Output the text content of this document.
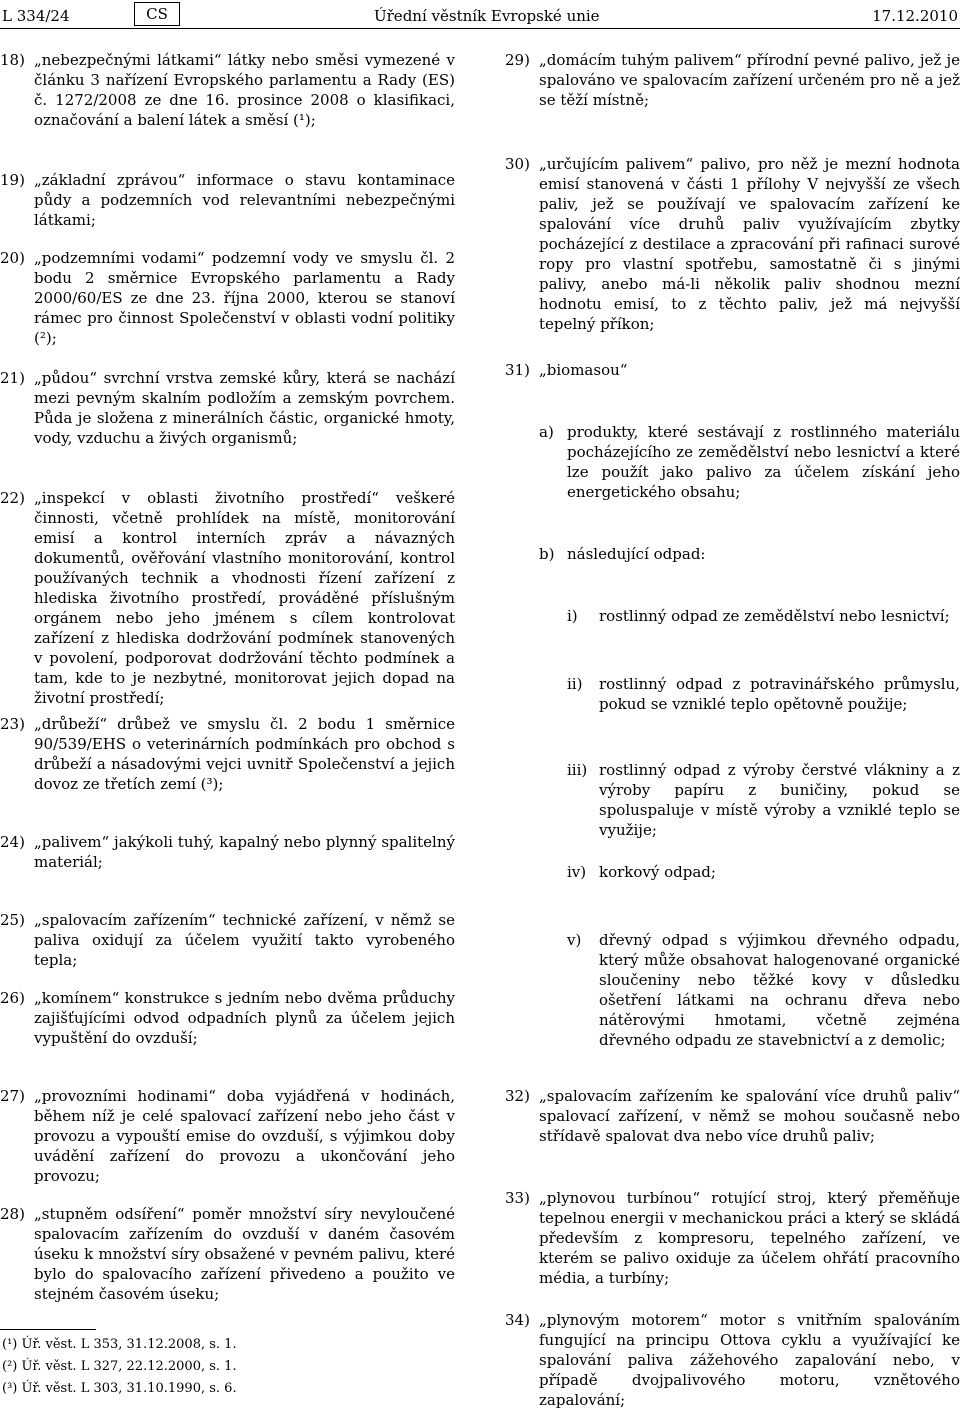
L 334/24	CS	Úřední věstník Evropské unie	17.12.2010
18) „nebezpečnými látkami“ látky nebo směsi vymezené v článku 3 nařízení Evropského parlamentu a Rady (ES) č. 1272/2008 ze dne 16. prosince 2008 o klasifikaci, označování a balení látek a směsí (¹);
19) „základní zprávou“ informace o stavu kontaminace půdy a podzemních vod relevantními nebezpečnými látkami;
20) „podzemními vodami“ podzemní vody ve smyslu čl. 2 bodu 2 směrnice Evropského parlamentu a Rady 2000/60/ES ze dne 23. října 2000, kterou se stanoví rámec pro činnost Společenství v oblasti vodní politiky (²);
21) „půdou“ svrchní vrstva zemské kůry, která se nachází mezi pevným skalním podložím a zemským povrchem. Půda je složena z minerálních částic, organické hmoty, vody, vzduchu a živých organismů;
22) „inspekcí v oblasti životního prostředí“ veškeré činnosti, včetně prohlídek na místě, monitorování emisí a kontrol interních zpráv a návazných dokumentů, ověřování vlastního monitorování, kontrol používaných technik a vhodnosti řízení zařízení z hlediska životního prostředí, prováděné příslušným orgánem nebo jeho jménem s cílem kontrolovat zařízení z hlediska dodržování podmínek stanovených v povolení, podporovat dodržování těchto podmínek a tam, kde to je nezbytné, monitorovat jejich dopad na životní prostředí;
23) „drůbeží“ drůbež ve smyslu čl. 2 bodu 1 směrnice 90/539/EHS o veterinárních podmínkách pro obchod s drůbeží a násadovými vejci uvnitř Společenství a jejich dovoz ze třetích zemí (³);
24) „palivem“ jakýkoli tuhý, kapalný nebo plynný spalitelný materiál;
25) „spalovacím zařízením“ technické zařízení, v němž se paliva oxidují za účelem využití takto vyrobeného tepla;
26) „komínem“ konstrukce s jedním nebo dvěma průduchy zajišťujícími odvod odpadních plynů za účelem jejich vypuštění do ovzduší;
27) „provozními hodinami“ doba vyjádřená v hodinách, během níž je celé spalovací zařízení nebo jeho část v provozu a vypouští emise do ovzduší, s výjimkou doby uvádění zařízení do provozu a ukončování jeho provozu;
28) „stupněm odsíření“ poměr množství síry nevyloučené spalovacím zařízením do ovzduší v daném časovém úseku k množství síry obsažené v pevném palivu, které bylo do spalovacího zařízení přivedeno a použito ve stejném časovém úseku;
29) „domácím tuhým palivem“ přírodní pevné palivo, jež je spalováno ve spalovacím zařízení určeném pro ně a jež se těží místně;
30) „určujícím palivem“ palivo, pro něž je mezní hodnota emisí stanovená v části 1 přílohy V nejvyšší ze všech paliv, jež se používají ve spalovacím zařízení ke spalování více druhů paliv využívajícím zbytky pocházející z destilace a zpracování při rafinaci surové ropy pro vlastní spotřebu, samostatně či s jinými palivy, anebo má-li několik paliv shodnou mezní hodnotu emisí, to z těchto paliv, jež má nejvyšší tepelný příkon;
31) „biomasou“
a) produkty, které sestávají z rostlinného materiálu pocházejícího ze zemědělství nebo lesnictví a které lze použít jako palivo za účelem získání jeho energetického obsahu;
b) následující odpad:
i) rostlinný odpad ze zemědělství nebo lesnictví;
ii) rostlinný odpad z potravinářského průmyslu, pokud se vzniklé teplo opětovně použije;
iii) rostlinný odpad z výroby čerstvé vlákniny a z výroby papíru z buničiny, pokud se spoluspaluje v místě výroby a vzniklé teplo se využije;
iv) korkový odpad;
v) dřevný odpad s výjimkou dřevného odpadu, který může obsahovat halogenované organické sloučeniny nebo těžké kovy v důsledku ošetření látkami na ochranu dřeva nebo nátěrovými hmotami, včetně zejména dřevného odpadu ze stavebnictví a z demolic;
32) „spalovacím zařízením ke spalování více druhů paliv“ spalovací zařízení, v němž se mohou současně nebo střídavě spalovat dva nebo více druhů paliv;
33) „plynovou turbínou“ rotující stroj, který přeměňuje tepelnou energii v mechanickou práci a který se skládá především z kompresoru, tepelného zařízení, ve kterém se palivo oxiduje za účelem ohřátí pracovního média, a turbíny;
34) „plynovým motorem“ motor s vnitřním spalováním fungující na principu Ottova cyklu a využívající ke spalování paliva zážehového zapalování nebo, v případě dvojpalivového motoru, vznětového zapalování;
(¹) Úř. věst. L 353, 31.12.2008, s. 1.
(²) Úř. věst. L 327, 22.12.2000, s. 1.
(³) Úř. věst. L 303, 31.10.1990, s. 6.
